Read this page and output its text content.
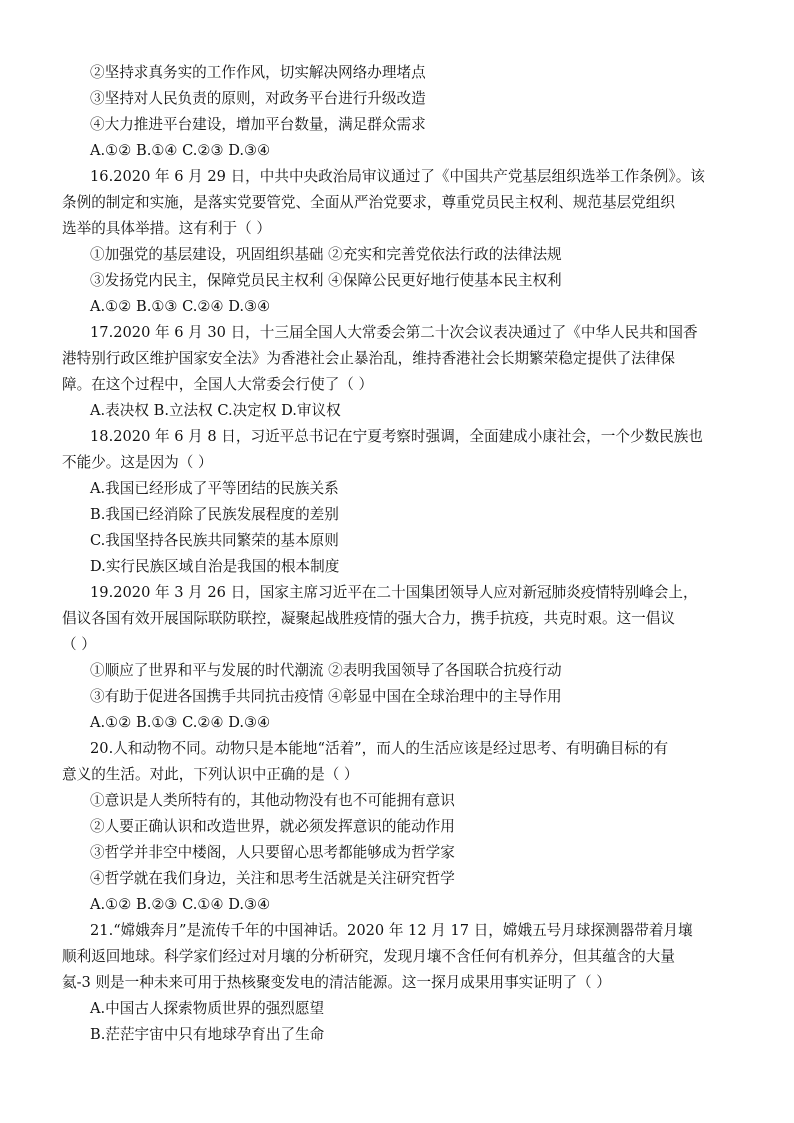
②坚持求真务实的工作作风，切实解决网络办理堵点
③坚持对人民负责的原则，对政务平台进行升级改造
④大力推进平台建设，增加平台数量，满足群众需求
A.①② B.①④ C.②③ D.③④
16.2020 年 6 月 29 日，中共中央政治局审议通过了《中国共产党基层组织选举工作条例》。该
条例的制定和实施，是落实党要管党、全面从严治党要求，尊重党员民主权利、规范基层党组织
选举的具体举措。这有利于（ ）
①加强党的基层建设，巩固组织基础 ②充实和完善党依法行政的法律法规
③发扬党内民主，保障党员民主权利 ④保障公民更好地行使基本民主权利
A.①② B.①③ C.②④ D.③④
17.2020 年 6 月 30 日，十三届全国人大常委会第二十次会议表决通过了《中华人民共和国香
港特别行政区维护国家安全法》为香港社会止暴治乱，维持香港社会长期繁荣稳定提供了法律保
障。在这个过程中，全国人大常委会行使了（ ）
A.表决权 B.立法权 C.决定权 D.审议权
18.2020 年 6 月 8 日，习近平总书记在宁夏考察时强调，全面建成小康社会，一个少数民族也
不能少。这是因为（ ）
A.我国已经形成了平等团结的民族关系
B.我国已经消除了民族发展程度的差别
C.我国坚持各民族共同繁荣的基本原则
D.实行民族区域自治是我国的根本制度
19.2020 年 3 月 26 日，国家主席习近平在二十国集团领导人应对新冠肺炎疫情特别峰会上，
倡议各国有效开展国际联防联控，凝聚起战胜疫情的强大合力，携手抗疫，共克时艰。这一倡议
（ ）
①顺应了世界和平与发展的时代潮流 ②表明我国领导了各国联合抗疫行动
③有助于促进各国携手共同抗击疫情 ④彰显中国在全球治理中的主导作用
A.①② B.①③ C.②④ D.③④
20.人和动物不同。动物只是本能地“活着”，而人的生活应该是经过思考、有明确目标的有
意义的生活。对此，下列认识中正确的是（ ）
①意识是人类所特有的，其他动物没有也不可能拥有意识
②人要正确认识和改造世界，就必须发挥意识的能动作用
③哲学并非空中楼阁，人只要留心思考都能够成为哲学家
④哲学就在我们身边，关注和思考生活就是关注研究哲学
A.①② B.②③ C.①④ D.③④
21.“嫦娥奔月”是流传千年的中国神话。2020 年 12 月 17 日，嫦娥五号月球探测器带着月壤
顺利返回地球。科学家们经过对月壤的分析研究，发现月壤不含任何有机养分，但其蕴含的大量
氦-3 则是一种未来可用于热核聚变发电的清洁能源。这一探月成果用事实证明了（ ）
A.中国古人探索物质世界的强烈愿望
B.茫茫宇宙中只有地球孕育出了生命
